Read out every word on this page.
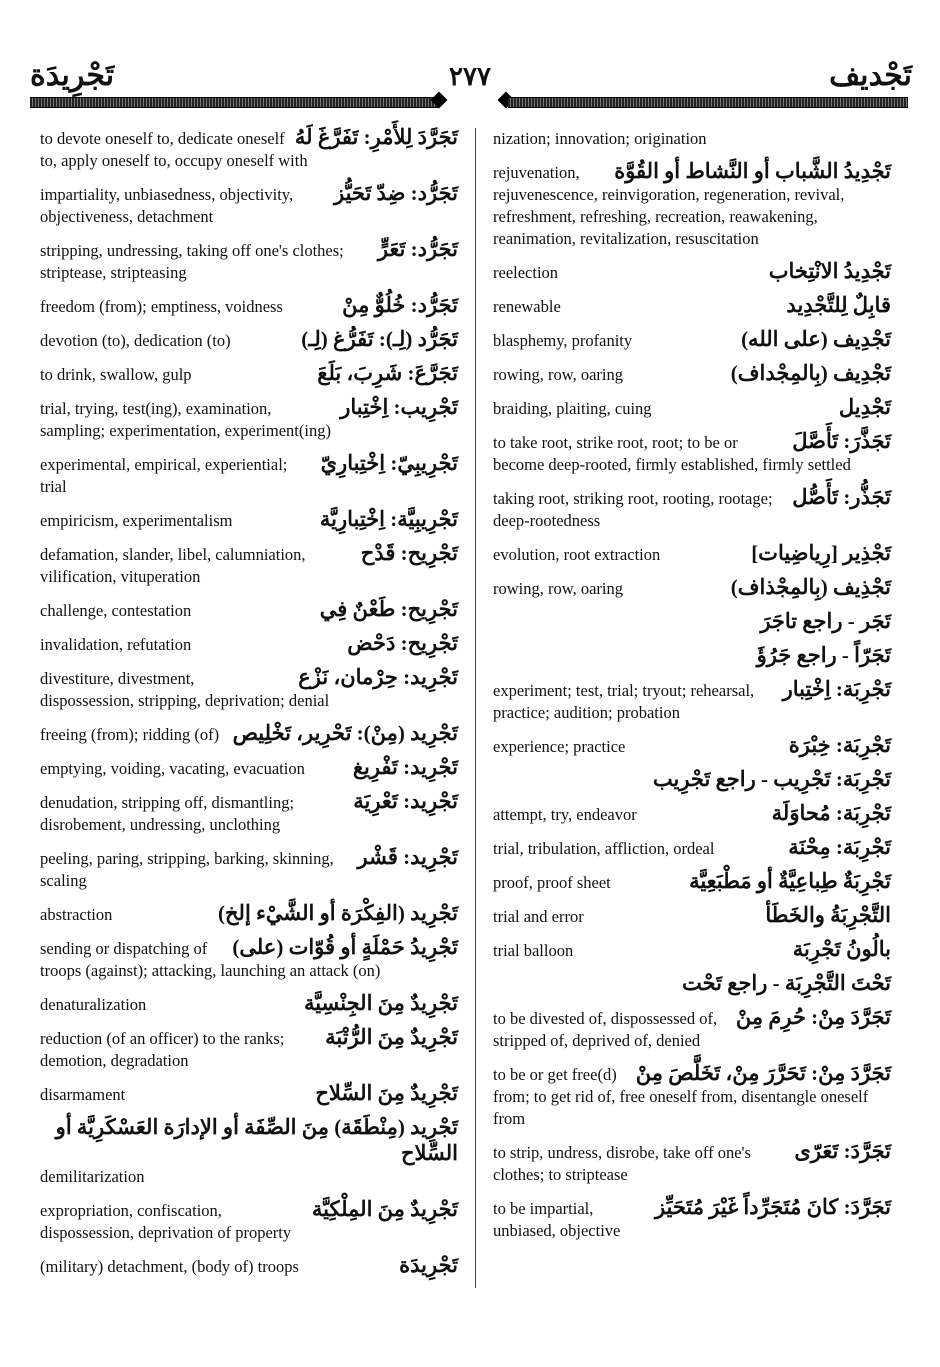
تَجْرِيدَة	٢٧٧	تَجْديف
تَجَرَّدَ لِلأَمْرِ: تَفَرَّغَ لَهُ
to devote oneself to, dedicate oneself to, apply oneself to, occupy oneself with
تَجَرُّد: ضِدّ تَحَيُّز
impartiality, unbiasedness, objectivity, objectiveness, detachment
تَجَرُّد: تَعَرٍّ
stripping, undressing, taking off one's clothes; striptease, stripteasing
تَجَرُّد: خُلُوٌّ مِنْ
freedom (from); emptiness, voidness
تَجَرُّد (لِـ): تَفَرُّغ (لِـ)
devotion (to), dedication (to)
تَجَرَّعَ: شَرِبَ، بَلَعَ
to drink, swallow, gulp
تَجْرِيب: اِخْتِبار
trial, trying, test(ing), examination, sampling; experimentation, experiment(ing)
تَجْرِيبِيّ: اِخْتِبارِيّ
experimental, empirical, experiential; trial
تَجْرِيبِيَّة: اِخْتِبارِيَّة
empiricism, experimentalism
تَجْرِيح: قَدْح
defamation, slander, libel, calumniation, vilification, vituperation
تَجْرِيح: طَعْنٌ فِي
challenge, contestation
تَجْرِيح: دَحْض
invalidation, refutation
تَجْرِيد: حِرْمان، نَزْع
divestiture, divestment, dispossession, stripping, deprivation; denial
تَجْرِيد (مِنْ): تَحْرِير، تَخْلِيص
freeing (from); ridding (of)
تَجْرِيد: تَفْرِيغ
emptying, voiding, vacating, evacuation
تَجْرِيد: تَعْرِيَة
denudation, stripping off, dismantling; disrobement, undressing, unclothing
تَجْرِيد: قَشْر
peeling, paring, stripping, barking, skinning, scaling
تَجْرِيد (الفِكْرَة أو الشَّيْء إلخ)
abstraction
تَجْرِيدُ حَمْلَةٍ أو قُوّات (على)
sending or dispatching of troops (against); attacking, launching an attack (on)
تَجْرِيدٌ مِنَ الجِنْسِيَّة
denaturalization
تَجْرِيدٌ مِنَ الرُّتْبَة
reduction (of an officer) to the ranks; demotion, degradation
تَجْرِيدٌ مِنَ السِّلاح
disarmament
تَجْرِيد (مِنْطَقَة) مِنَ الصِّفَة أو الإدارَة العَسْكَرِيَّة أو السِّلاح
demilitarization
تَجْرِيدٌ مِنَ المِلْكِيَّة
expropriation, confiscation, dispossession, deprivation of property
تَجْرِيدَة
(military) detachment, (body of) troops
nization; innovation; origination
تَجْدِيدُ الشَّباب أو النَّشاط أو القُوَّة
rejuvenation, rejuvenescence, reinvigoration, regeneration, revival, refreshment, refreshing, recreation, reawakening, reanimation, revitalization, resuscitation
تَجْدِيدُ الانْتِخاب
reelection
قابِلٌ لِلتَّجْدِيد
renewable
تَجْدِيف (على الله)
blasphemy, profanity
تَجْدِيف (بِالمِجْداف)
rowing, row, oaring
تَجْدِيل
braiding, plaiting, cuing
تَجَذَّرَ: تَأَصَّلَ
to take root, strike root, root; to be or become deep-rooted, firmly established, firmly settled
تَجَذُّر: تَأَصُّل
taking root, striking root, rooting, rootage; deep-rootedness
تَجْذِير [رِياضِيات]
evolution, root extraction
تَجْذِيف (بِالمِجْذاف)
rowing, row, oaring
تَجَر - راجع تاجَرَ
تَجَرّاً - راجع جَرُؤَ
تَجْرِبَة: اِخْتِبار
experiment; test, trial; tryout; rehearsal, practice; audition; probation
تَجْرِبَة: خِبْرَة
experience; practice
تَجْرِبَة: تَجْرِيب - راجع تَجْرِيب
تَجْرِبَة: مُحاوَلَة
attempt, try, endeavor
تَجْرِبَة: مِحْنَة
trial, tribulation, affliction, ordeal
تَجْرِبَةٌ طِباعِيَّةٌ أو مَطْبَعِيَّة
proof, proof sheet
التَّجْرِبَةُ والخَطَأ
trial and error
بالُونُ تَجْرِبَة
trial balloon
تَحْتَ التَّجْرِبَة - راجع تَحْت
تَجَرَّدَ مِنْ: حُرِمَ مِنْ
to be divested of, dispossessed of, stripped of, deprived of, denied
تَجَرَّدَ مِنْ: تَحَرَّرَ مِنْ، تَخَلَّصَ مِنْ
to be or get free(d) from; to get rid of, free oneself from, disentangle oneself from
تَجَرَّدَ: تَعَرّى
to strip, undress, disrobe, take off one's clothes; to striptease
تَجَرَّدَ: كانَ مُتَجَرِّداً غَيْرَ مُتَحَيِّز
to be impartial, unbiased, objective
